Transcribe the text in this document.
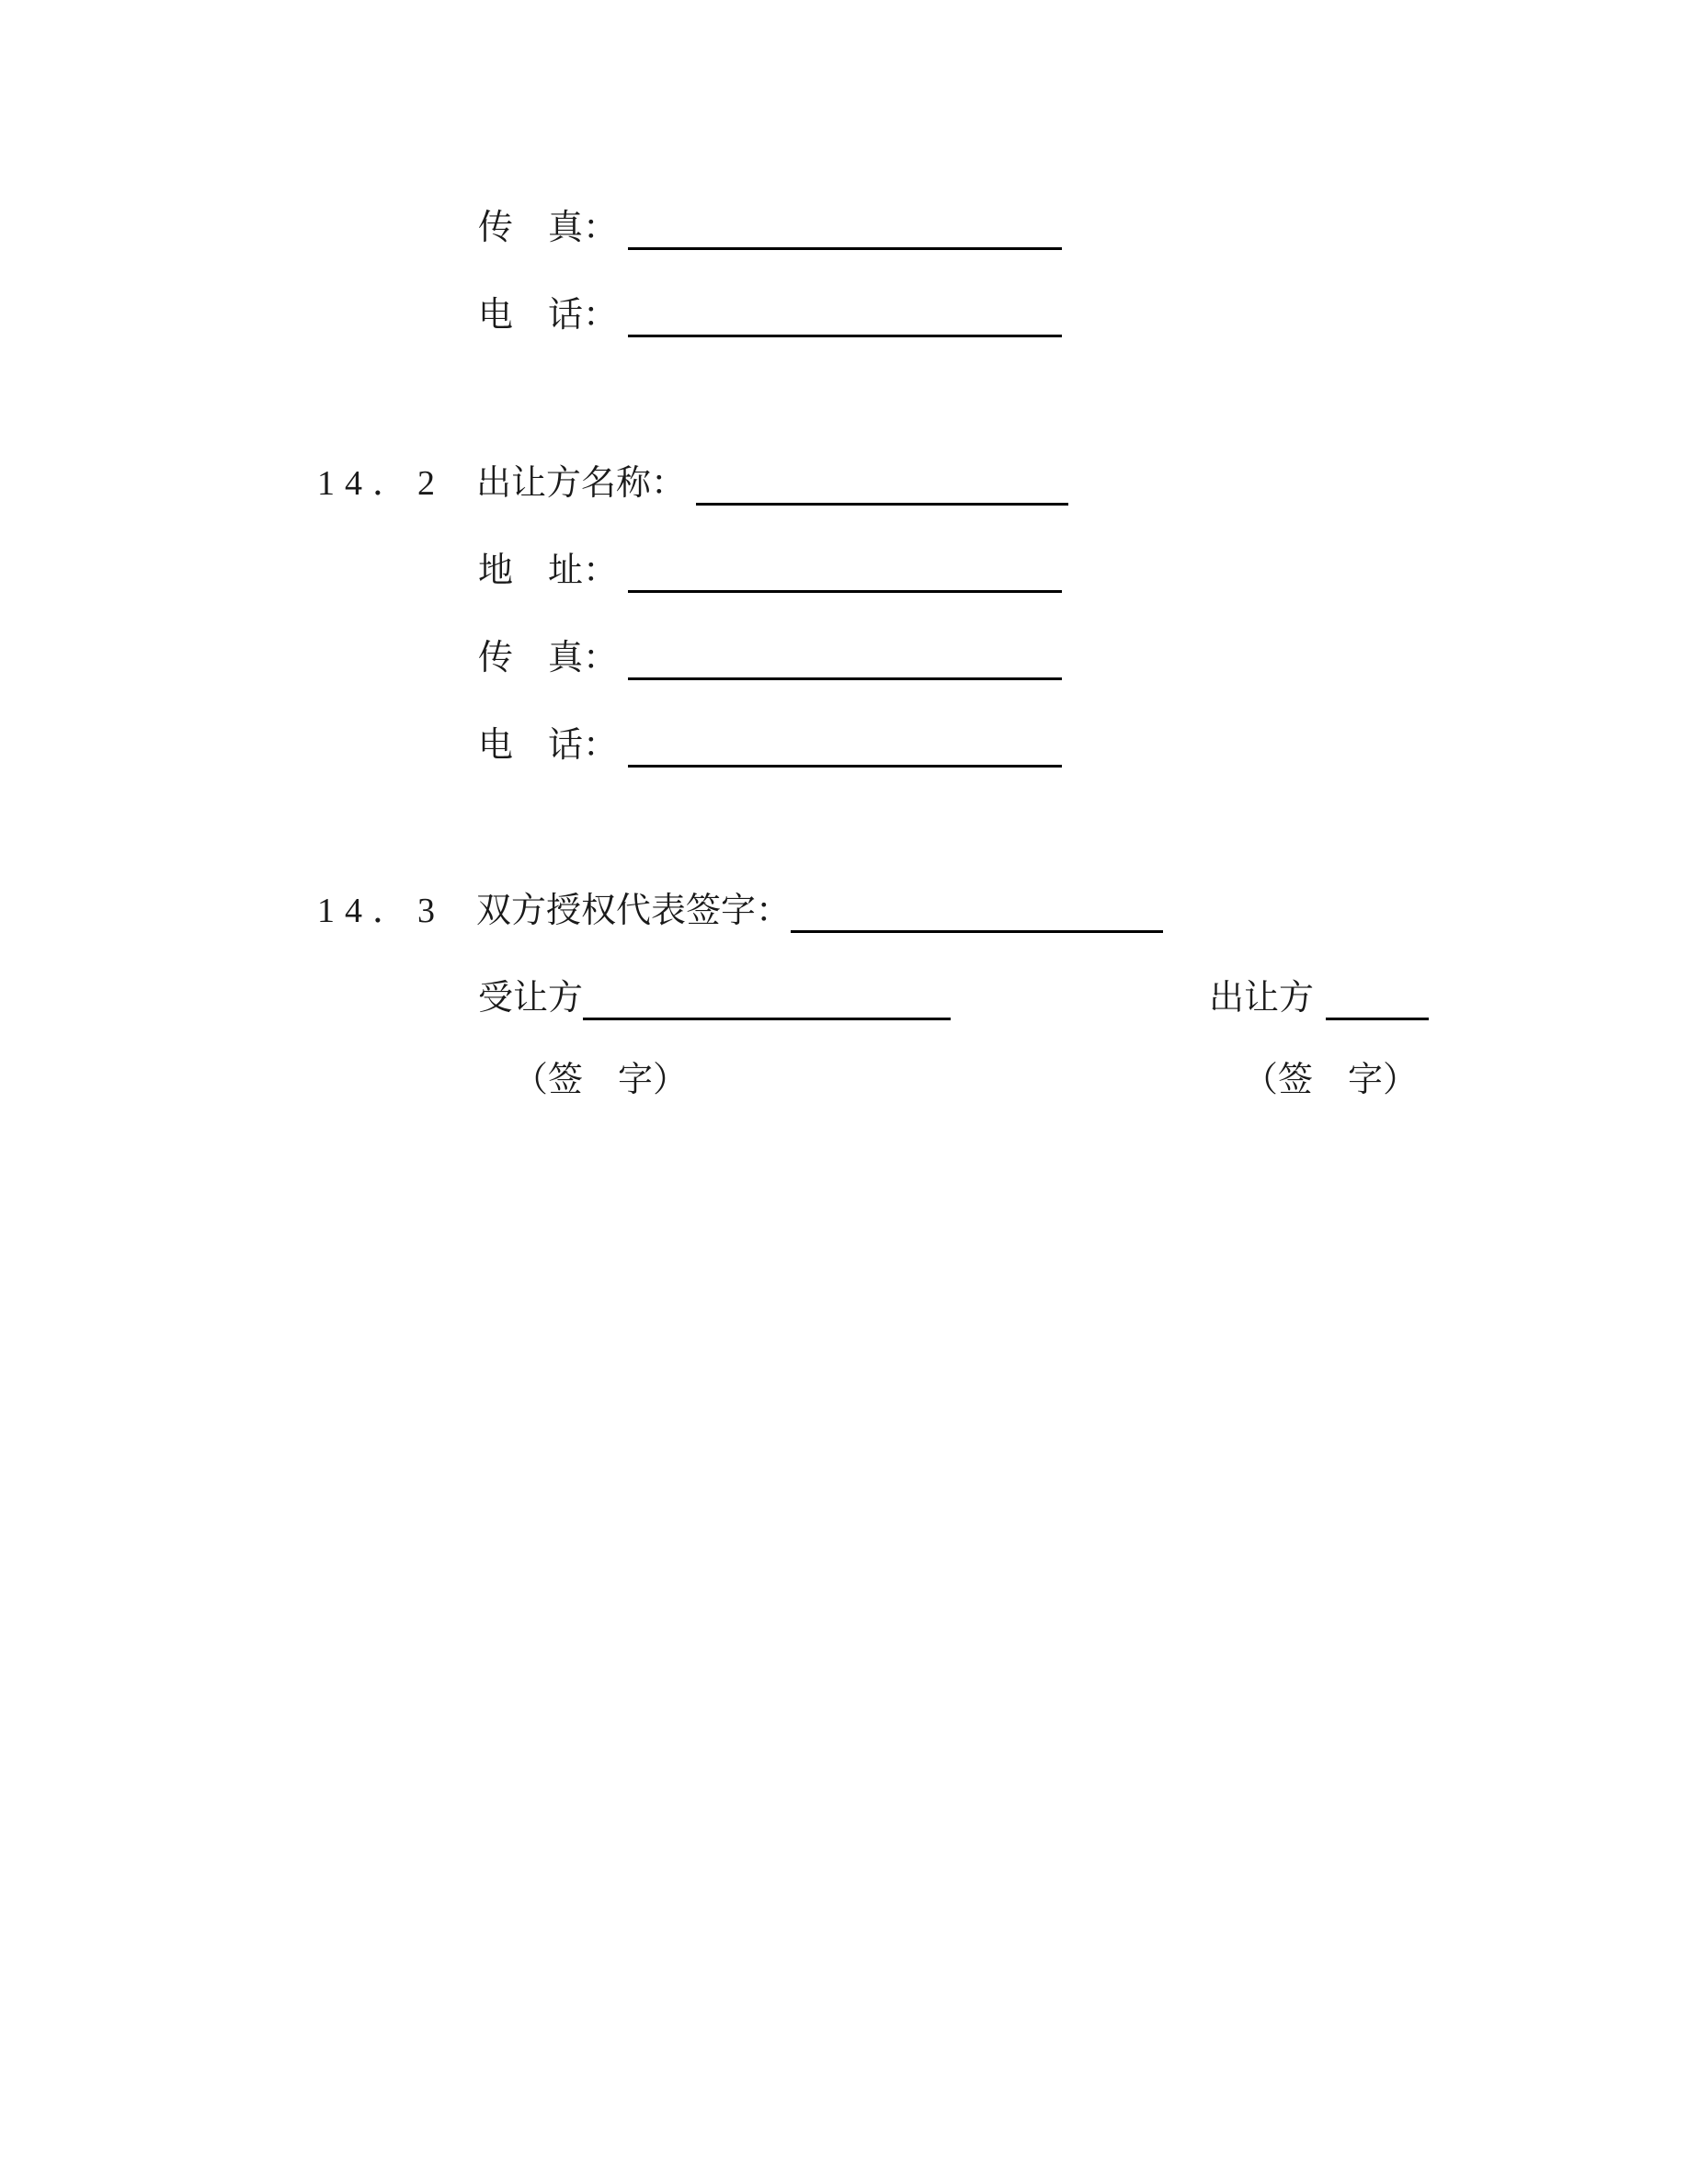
传　真：
电　话：
14．2 出让方名称：
地　址：
传　真：
电　话：
14．3 双方授权代表签字：
受让方	出让方
（签　字）	（签　字）
